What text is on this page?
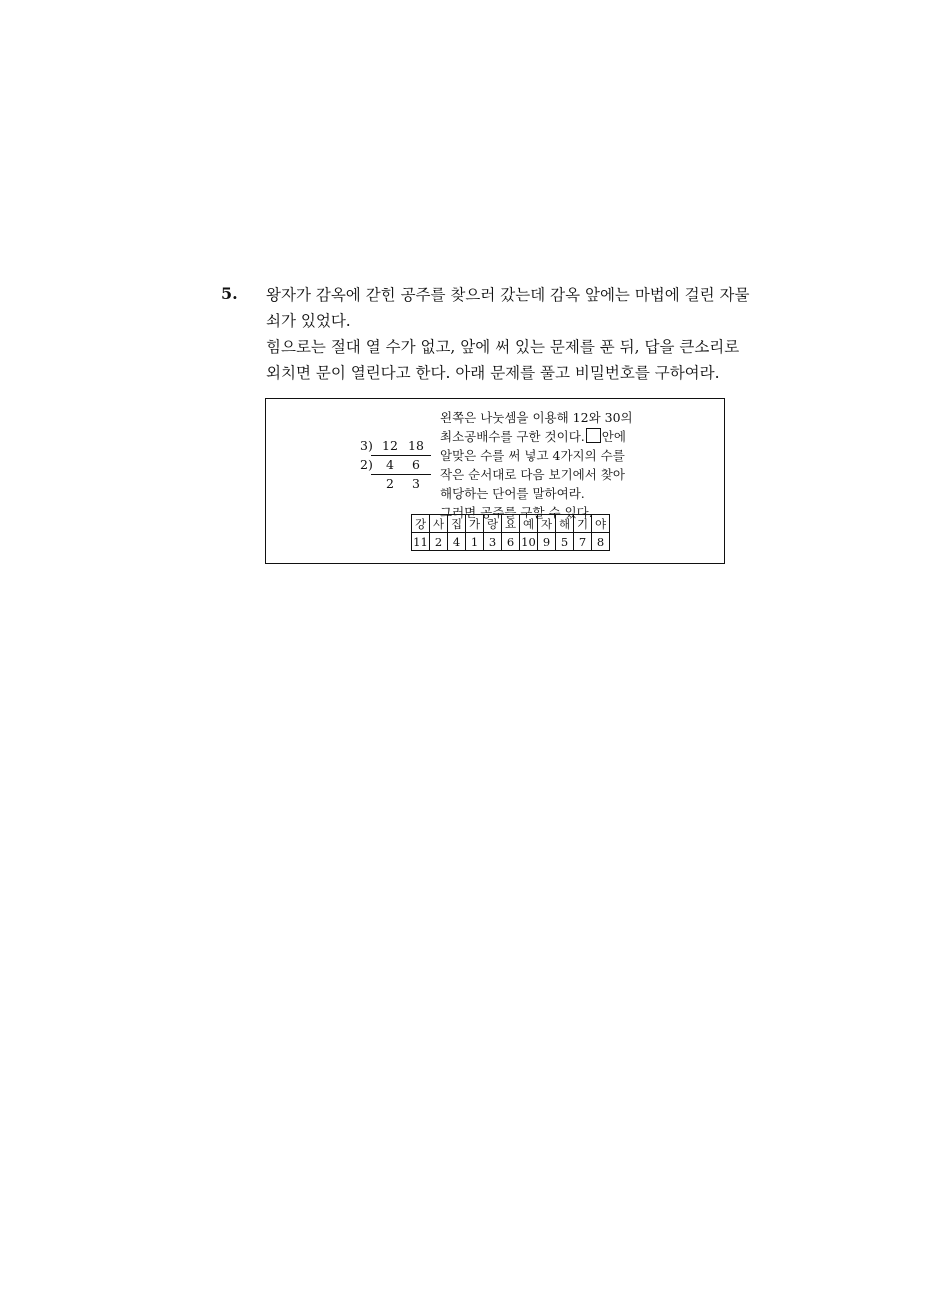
5. 왕자가 감옥에 갇힌 공주를 찾으러 갔는데 감옥 앞에는 마법에 걸린 자물

쇠가 있었다.

힘으로는 절대 열 수가 없고, 앞에 써 있는 문제를 푼 뒤, 답을 큰소리로

외치면 문이 열린다고 한다. 아래 문제를 풀고 비밀번호를 구하여라.

3 ) 12 18
2 ) 4 6
2 3
왼쪽은 나눗셈을 이용해 12와 30의
최소공배수를 구한 것이다. 안에
알맞은 수를 써 넣고 4가지의 수를
작은 순서대로 다음 보기에서 찾아
해당하는 단어를 말하여라.
그러면 공주를 구할 수 있다.
강	사	집	가	랑	요	예	자	해	기	야
11	2	4	1	3	6	10	9	5	7	8
